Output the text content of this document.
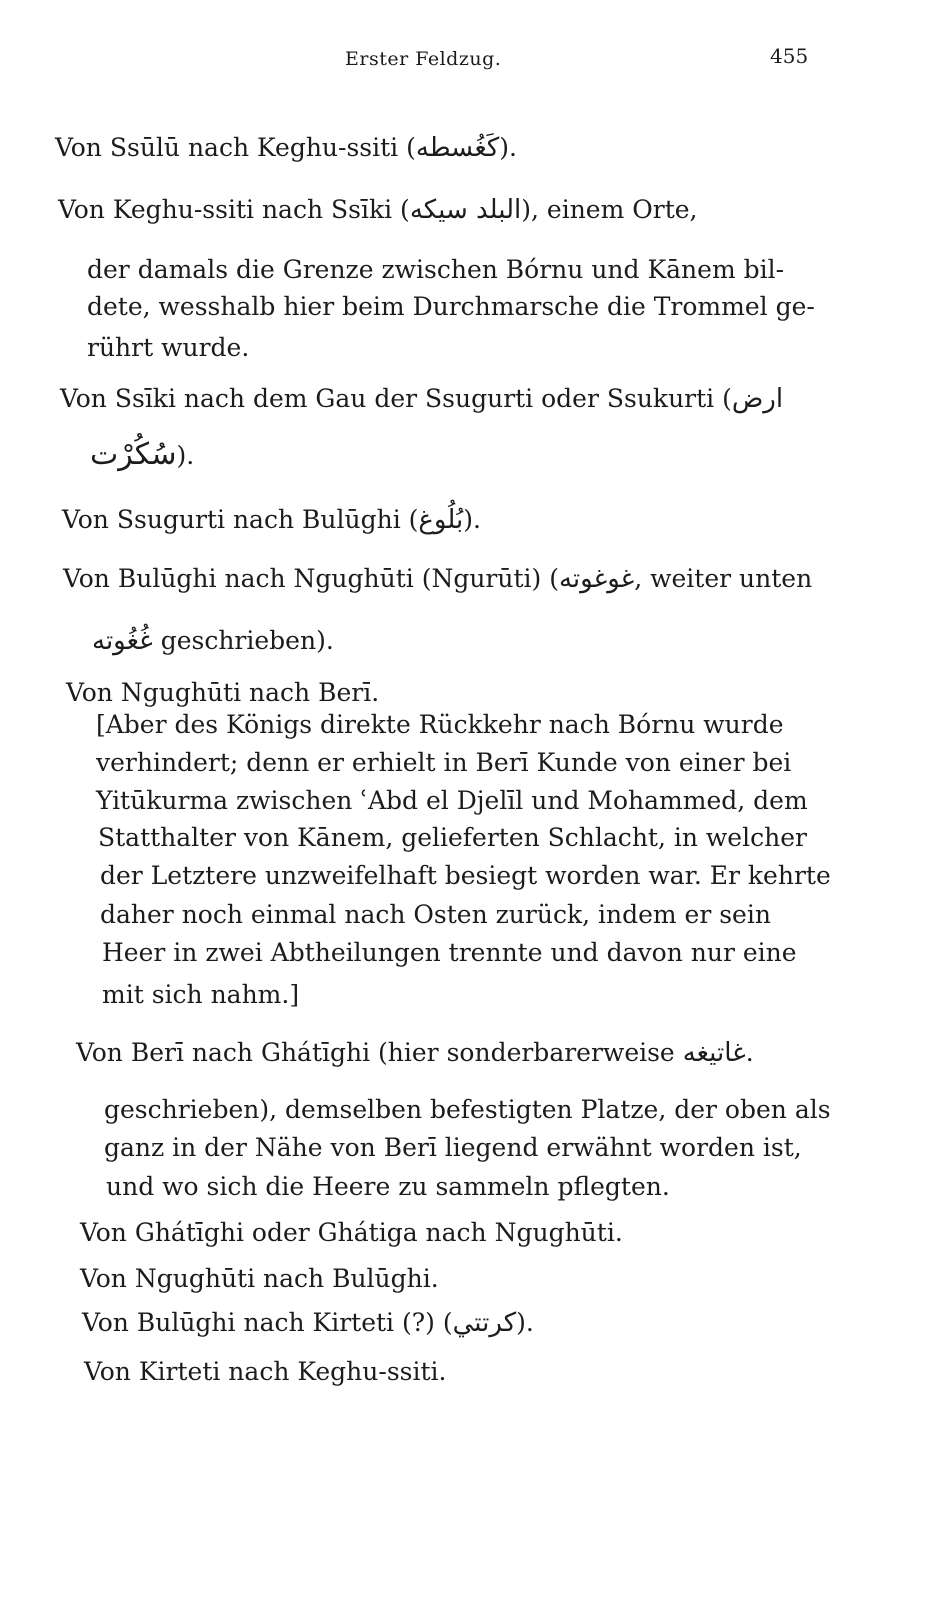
Erster Feldzug.	455
Von Ssūlū nach Keghu-ssiti (كَغُسطه).
Von Keghu-ssiti nach Ssīki (البلد سيكه), einem Orte,
der damals die Grenze zwischen Bórnu und Kānem bil-
dete, wesshalb hier beim Durchmarsche die Trommel ge-
rührt wurde.
Von Ssīki nach dem Gau der Ssugurti oder Ssukurti (ارض
سُكُرْت).
Von Ssugurti nach Bulūghi (بُلُوغ).
Von Bulūghi nach Ngughūti (Ngurūti) (غوغوته, weiter unten
غُغُوته geschrieben).
Von Ngughūti nach Berī.
[Aber des Königs direkte Rückkehr nach Bórnu wurde
verhindert; denn er erhielt in Berī Kunde von einer bei
Yitūkurma zwischen ʿAbd el Djelīl und Mohammed, dem
Statthalter von Kānem, gelieferten Schlacht, in welcher
der Letztere unzweifelhaft besiegt worden war. Er kehrte
daher noch einmal nach Osten zurück, indem er sein
Heer in zwei Abtheilungen trennte und davon nur eine
mit sich nahm.]
Von Berī nach Ghátīghi (hier sonderbarerweise غاتيغه.
geschrieben), demselben befestigten Platze, der oben als
ganz in der Nähe von Berī liegend erwähnt worden ist,
und wo sich die Heere zu sammeln pflegten.
Von Ghátīghi oder Ghátiga nach Ngughūti.
Von Ngughūti nach Bulūghi.
Von Bulūghi nach Kirteti (?) (كرتتي).
Von Kirteti nach Keghu-ssiti.
